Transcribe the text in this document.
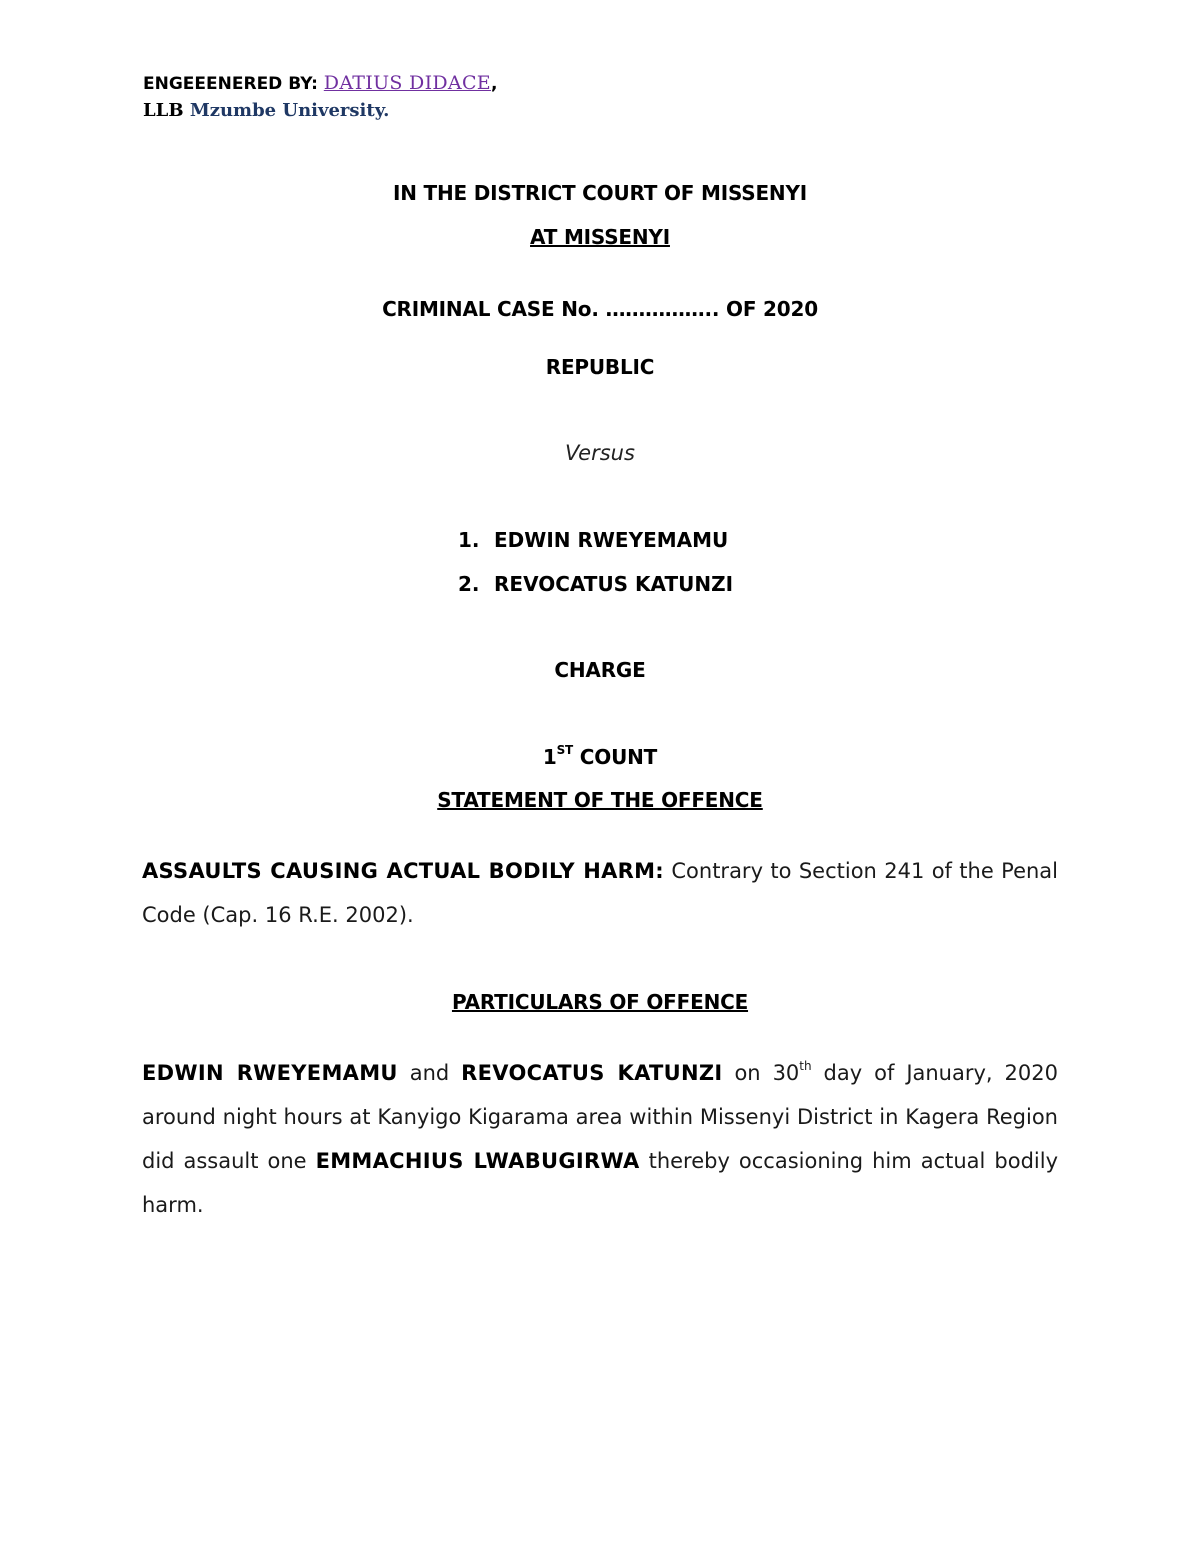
ENGEEENERED BY: DATIUS DIDACE,
LLB Mzumbe University.
IN THE DISTRICT COURT OF MISSENYI
AT MISSENYI
CRIMINAL CASE No. …………….. OF 2020
REPUBLIC
Versus
1. EDWIN RWEYEMAMU
2. REVOCATUS KATUNZI
CHARGE
1ST COUNT
STATEMENT OF THE OFFENCE
ASSAULTS CAUSING ACTUAL BODILY HARM: Contrary to Section 241 of the Penal Code (Cap. 16 R.E. 2002).
PARTICULARS OF OFFENCE
EDWIN RWEYEMAMU and REVOCATUS KATUNZI on 30th day of January, 2020 around night hours at Kanyigo Kigarama area within Missenyi District in Kagera Region did assault one EMMACHIUS LWABUGIRWA thereby occasioning him actual bodily harm.
